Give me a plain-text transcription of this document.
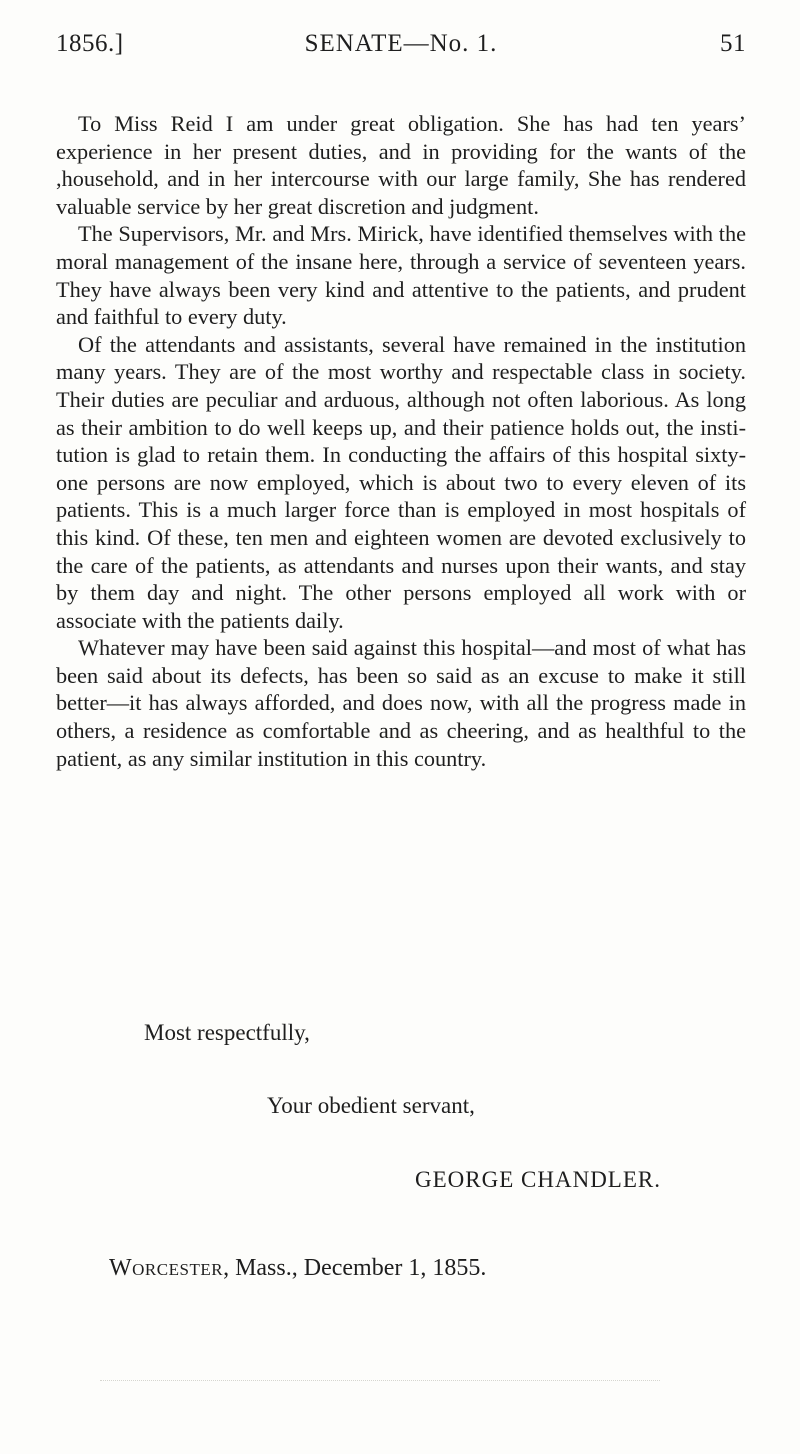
1856.]	SENATE—No. 1.	51

To Miss Reid I am under great obligation. She has had ten years’ experience in her present duties, and in providing for the wants of the ,household, and in her intercourse with our large family, She has rendered valuable service by her great discretion and judgment.

The Supervisors, Mr. and Mrs. Mirick, have identified themselves with the moral management of the insane here, through a service of seventeen years. They have always been very kind and attentive to the patients, and prudent and faithful to every duty.

Of the attendants and assistants, several have remained in the institution many years. They are of the most worthy and respectable class in society. Their duties are peculiar and arduous, although not often laborious. As long as their ambition to do well keeps up, and their patience holds out, the institution is glad to retain them. In conducting the affairs of this hospital sixty-one persons are now employed, which is about two to every eleven of its patients. This is a much larger force than is employed in most hospitals of this kind. Of these, ten men and eighteen women are devoted exclusively to the care of the patients, as attendants and nurses upon their wants, and stay by them day and night. The other persons employed all work with or associate with the patients daily.

Whatever may have been said against this hospital—and most of what has been said about its defects, has been so said as an excuse to make it still better—it has always afforded, and does now, with all the progress made in others, a residence as comfortable and as cheering, and as healthful to the patient, as any similar institution in this country.

Most respectfully,
Your obedient servant,
GEORGE CHANDLER.
Worcester, Mass., December 1, 1855.
